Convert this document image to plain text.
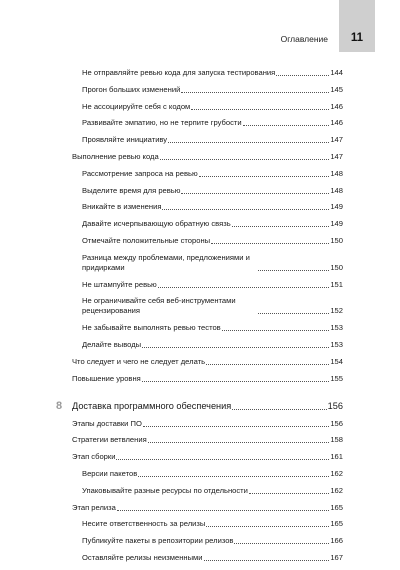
Оглавление 11
Не отправляйте ревью кода для запуска тестирования	144
Прогон больших изменений	145
Не ассоциируйте себя с кодом	146
Развивайте эмпатию, но не терпите грубости	146
Проявляйте инициативу	147
Выполнение ревью кода	147
Рассмотрение запроса на ревью	148
Выделите время для ревью	148
Вникайте в изменения	149
Давайте исчерпывающую обратную связь	149
Отмечайте положительные стороны	150
Разница между проблемами, предложениями и придирками	150
Не штампуйте ревью	151
Не ограничивайте себя веб-инструментами рецензирования	152
Не забывайте выполнять ревью тестов	153
Делайте выводы	153
Что следует и чего не следует делать	154
Повышение уровня	155
8 Доставка программного обеспечения	156
Этапы доставки ПО	156
Стратегии ветвления	158
Этап сборки	161
Версии пакетов	162
Упаковывайте разные ресурсы по отдельности	162
Этап релиза	165
Несите ответственность за релизы	165
Публикуйте пакеты в репозитории релизов	166
Оставляйте релизы неизменными	167
